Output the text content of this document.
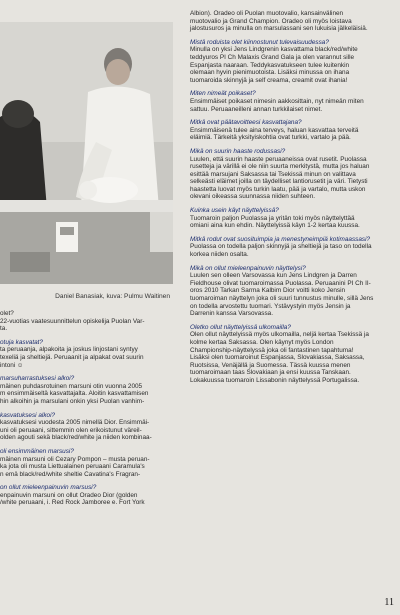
Daniel Banasiak, kuva: Pulmu Waitinen

olet?
22-vuotias vaatesuunnittelun opiskelija Puolan Var-
ta.

otuja kasvatat?
ta peruaanja, alpakoita ja joskus linjostani syntyy
texeliä ja sheltiejä. Peruaanit ja alpakat ovat suurin
intoni ☺

marsuharrastuksesi alkoi?
mäinen puhdasrotuinen marsuni otin vuonna 2005
m ensimmäiseltä kasvattajalta. Aloitin kasvattamisen
hin alkoihin ja marsulani onkin yksi Puolan vanhim-

kasvatuksesi alkoi?
kasvatuksesi vuodesta 2005 nimellä Dior. Ensimmäi-
uni oli peruaani, sittemmin olen erikoistunut väreil-
olden agouti sekä black/red/white ja niiden kombinaa-

oli ensimmäinen marsusi?
mäinen marsuni oli Cezary Pompon – musta peruan-
ka jota oli musta Liettualainen peruaani Caramula's
n emä black/red/white sheltie Cavatina's Fragran-

on ollut mieleenpainuvin marsusi?
enpainuvin marsuni on ollut Oradeo Dior (golden
/white peruaani, i. Red Rock Jamboree e. Fort York

Albion). Oradeo oli Puolan muotovalio, kansainvälinen muotovalio ja Grand Champion. Oradeo oli myös loistava jalostusuros ja minulla on marsulassani sen lukuisia jälkeläisiä.

Mistä roduista olet kiinnostunut tulevaisuudessa?
Minulla on yksi Jens Lindgrenin kasvattama black/red/white teddyuros PI Ch Malaxis Grand Gala ja olen varannut sille Espanjasta naaraan. Teddykasvatukseen tulee kuitenkin olemaan hyvin pienimuotoista. Lisäksi minussa on ihana tuomaroida skinnyjä ja self creama, creamit ovat ihania!

Miten nimeät poikaset?
Ensimmäiset poikaset nimesin aakkosittain, nyt nimeän miten sattuu. Peruaaneilleni annan turkkilaiset nimet.

Mitkä ovat päätavoitteesi kasvattajana?
Ensimmäisenä tulee aina terveys, haluan kasvattaa terveitä eläimiä. Tärkeitä yksityiskohtia ovat turkki, vartalo ja pää.

Mikä on suurin haaste rodussasi?
Luulen, että suurin haaste peruaaneissa ovat rusetit. Puolassa rusetteja ja värillä ei ole niin suurta merkitystä, mutta jos haluan esittää marsujani Saksassa tai Tsekissä minun on valittava selkeästi eläimet joilla on täydelliset lantiorusetit ja väri. Tietysti haastetta luovat myös turkin laatu, pää ja vartalo, mutta uskon olevani oikeassa suunnassa niiden suhteen.

Kuinka usein käyt näyttelyissä?
Tuomaroin paljon Puolassa ja yritän toki myös näyttelyttää omiani aina kun ehdin. Näyttelyissä käyn 1-2 kertaa kuussa.

Mitkä rodut ovat suosituimpia ja menestyneimpiä kotimaassasi?
Puolassa on todella paljon skinnyjä ja sheltiejä ja taso on todella korkea niiden osalta.

Mikä on ollut mieleenpainuvin näyttelysi?
Luulen sen olleen Varsovassa kun Jens Lindgren ja Darren Fieldhouse olivat tuomaroimassa Puolassa. Peruaanini PI Ch II-oros 2010 Tarkan Sarma Kalbim Dior voitti koko Jensin tuomaroiman näyttelyn joka oli suuri tunnustus minulle, sillä Jens on todella arvostettu tuomari. Ystävystyin myös Jensin ja Darrenin kanssa Varsovassa.

Oletko ollut näyttelyissä ulkomailla?
Olen ollut näyttelyissä myös ulkomailla, neljä kertaa Tsekissä ja kolme kertaa Saksassa. Olen käynyt myös London Championship-näyttelyssä joka oli fantastinen tapahtuma! Lisäksi olen tuomaroinut Espanjassa, Slovakiassa, Saksassa, Ruotsissa, Venäjällä ja Suomessa. Tässä kuussa menen tuomaroimaan taas Slovakiaan ja ensi kuussa Tanskaan. Lokakuussa tuomaroin Lissabonin näyttelyssä Portugalissa.

11
